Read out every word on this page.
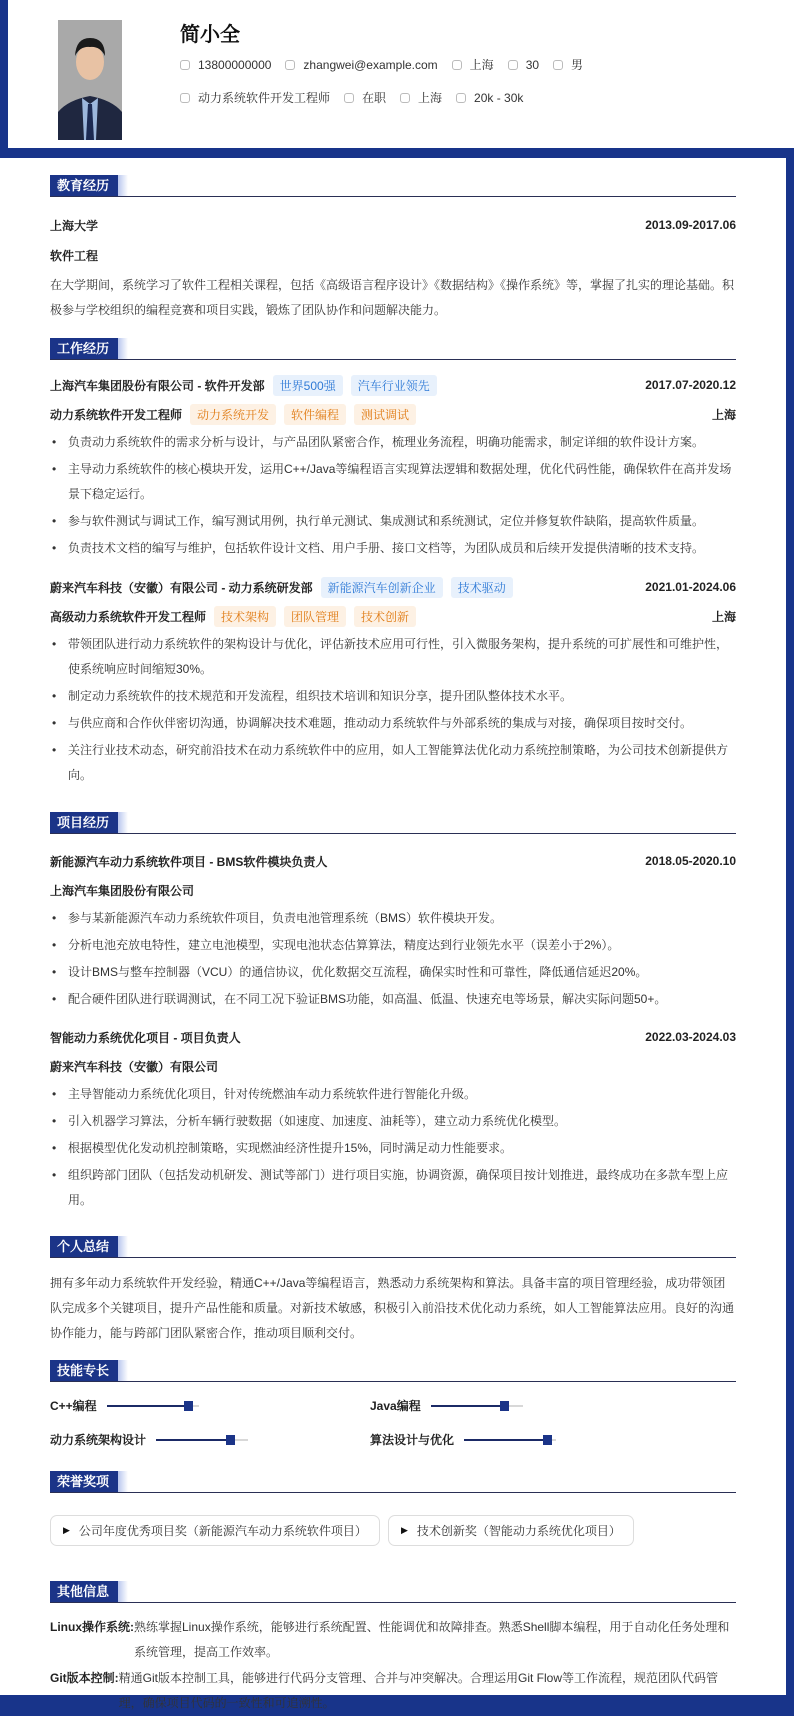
简小全
13800000000	zhangwei@example.com	上海	30	男
动力系统软件开发工程师	在职	上海	20k - 30k
教育经历
上海大学	2013.09-2017.06
软件工程
在大学期间，系统学习了软件工程相关课程，包括《高级语言程序设计》《数据结构》《操作系统》等，掌握了扎实的理论基础。积极参与学校组织的编程竞赛和项目实践，锻炼了团队协作和问题解决能力。
工作经历
上海汽车集团股份有限公司 - 软件开发部	世界500强	汽车行业领先	2017.07-2020.12
动力系统软件开发工程师	动力系统开发	软件编程	测试调试	上海
• 负责动力系统软件的需求分析与设计，与产品团队紧密合作，梳理业务流程，明确功能需求，制定详细的软件设计方案。
• 主导动力系统软件的核心模块开发，运用C++/Java等编程语言实现算法逻辑和数据处理，优化代码性能，确保软件在高并发场景下稳定运行。
• 参与软件测试与调试工作，编写测试用例，执行单元测试、集成测试和系统测试，定位并修复软件缺陷，提高软件质量。
• 负责技术文档的编写与维护，包括软件设计文档、用户手册、接口文档等，为团队成员和后续开发提供清晰的技术支持。
蔚来汽车科技（安徽）有限公司 - 动力系统研发部	新能源汽车创新企业	技术驱动	2021.01-2024.06
高级动力系统软件开发工程师	技术架构	团队管理	技术创新	上海
• 带领团队进行动力系统软件的架构设计与优化，评估新技术应用可行性，引入微服务架构，提升系统的可扩展性和可维护性，使系统响应时间缩短30%。
• 制定动力系统软件的技术规范和开发流程，组织技术培训和知识分享，提升团队整体技术水平。
• 与供应商和合作伙伴密切沟通，协调解决技术难题，推动动力系统软件与外部系统的集成与对接，确保项目按时交付。
• 关注行业技术动态，研究前沿技术在动力系统软件中的应用，如人工智能算法优化动力系统控制策略，为公司技术创新提供方向。
项目经历
新能源汽车动力系统软件项目 - BMS软件模块负责人	2018.05-2020.10
上海汽车集团股份有限公司
• 参与某新能源汽车动力系统软件项目，负责电池管理系统（BMS）软件模块开发。
• 分析电池充放电特性，建立电池模型，实现电池状态估算算法，精度达到行业领先水平（误差小于2%）。
• 设计BMS与整车控制器（VCU）的通信协议，优化数据交互流程，确保实时性和可靠性，降低通信延迟20%。
• 配合硬件团队进行联调测试，在不同工况下验证BMS功能，如高温、低温、快速充电等场景，解决实际问题50+。
智能动力系统优化项目 - 项目负责人	2022.03-2024.03
蔚来汽车科技（安徽）有限公司
• 主导智能动力系统优化项目，针对传统燃油车动力系统软件进行智能化升级。
• 引入机器学习算法，分析车辆行驶数据（如速度、加速度、油耗等），建立动力系统优化模型。
• 根据模型优化发动机控制策略，实现燃油经济性提升15%，同时满足动力性能要求。
• 组织跨部门团队（包括发动机研发、测试等部门）进行项目实施，协调资源，确保项目按计划推进，最终成功在多款车型上应用。
个人总结
拥有多年动力系统软件开发经验，精通C++/Java等编程语言，熟悉动力系统架构和算法。具备丰富的项目管理经验，成功带领团队完成多个关键项目，提升产品性能和质量。对新技术敏感，积极引入前沿技术优化动力系统，如人工智能算法应用。良好的沟通协作能力，能与跨部门团队紧密合作，推动项目顺利交付。
技能专长
C++编程	Java编程
动力系统架构设计	算法设计与优化
荣誉奖项
▶ 公司年度优秀项目奖（新能源汽车动力系统软件项目）	▶ 技术创新奖（智能动力系统优化项目）
其他信息
Linux操作系统: 熟练掌握Linux操作系统，能够进行系统配置、性能调优和故障排查。熟悉Shell脚本编程，用于自动化任务处理和系统管理，提高工作效率。
Git版本控制: 精通Git版本控制工具，能够进行代码分支管理、合并与冲突解决。合理运用Git Flow等工作流程，规范团队代码管理，确保项目代码的一致性和可追溯性。
